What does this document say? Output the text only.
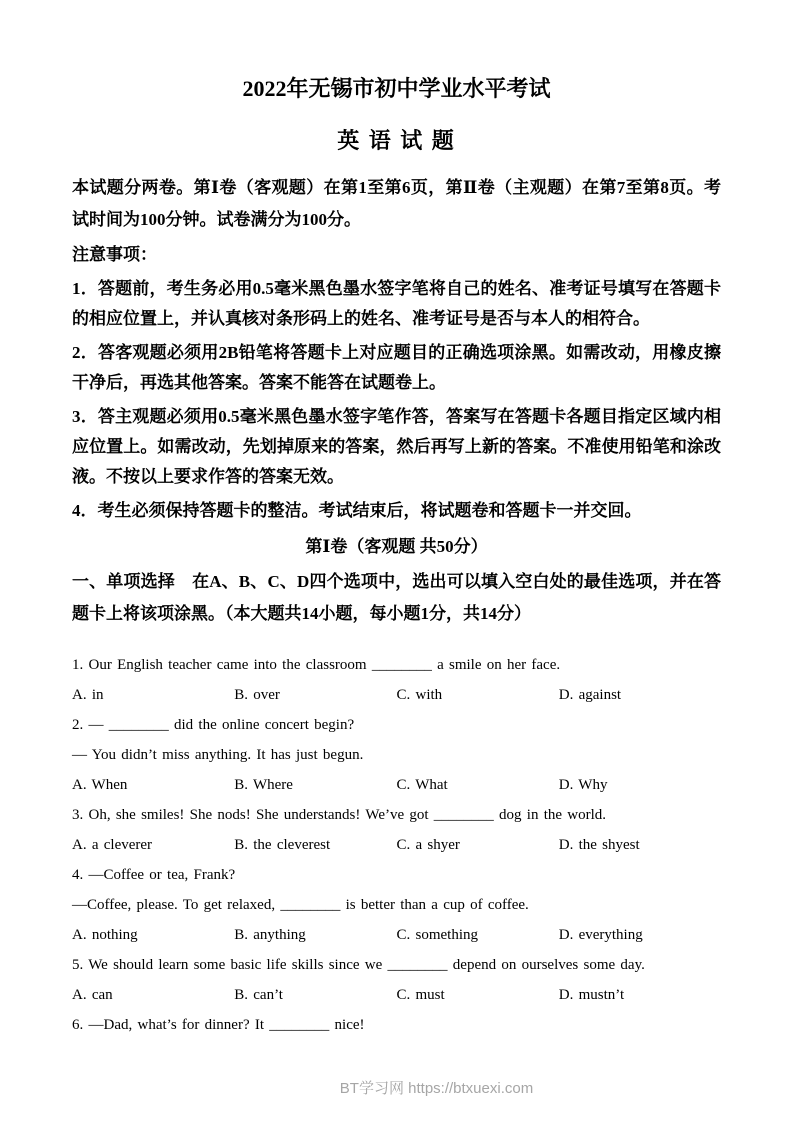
2022年无锡市初中学业水平考试
英 语 试 题

本试题分两卷。第Ⅰ卷（客观题）在第1至第6页，第Ⅱ卷（主观题）在第7至第8页。考试时间为100分钟。试卷满分为100分。

注意事项：

1．答题前，考生务必用0.5毫米黑色墨水签字笔将自己的姓名、准考证号填写在答题卡的相应位置上，并认真核对条形码上的姓名、准考证号是否与本人的相符合。

2．答客观题必须用2B铅笔将答题卡上对应题目的正确选项涂黑。如需改动，用橡皮擦干净后，再选其他答案。答案不能答在试题卷上。

3．答主观题必须用0.5毫米黑色墨水签字笔作答，答案写在答题卡各题目指定区域内相应位置上。如需改动，先划掉原来的答案，然后再写上新的答案。不准使用铅笔和涂改液。不按以上要求作答的答案无效。

4．考生必须保持答题卡的整洁。考试结束后，将试题卷和答题卡一并交回。

第Ⅰ卷（客观题 共50分）

一、单项选择　在A、B、C、D四个选项中，选出可以填入空白处的最佳选项，并在答题卡上将该项涂黑。（本大题共14小题，每小题1分，共14分）

1. Our English teacher came into the classroom ________ a smile on her face.

A. in	B. over	C. with	D. against

2. — ________ did the online concert begin?

— You didn’t miss anything. It has just begun.

A. When	B. Where	C. What	D. Why

3. Oh, she smiles! She nods! She understands! We’ve got ________ dog in the world.

A. a cleverer	B. the cleverest	C. a shyer	D. the shyest

4. —Coffee or tea, Frank?

—Coffee, please. To get relaxed, ________ is better than a cup of coffee.

A. nothing	B. anything	C. something	D. everything

5. We should learn some basic life skills since we ________ depend on ourselves some day.

A. can	B. can’t	C. must	D. mustn’t

6. —Dad, what’s for dinner? It ________ nice!

BT学习网 https://btxuexi.com
